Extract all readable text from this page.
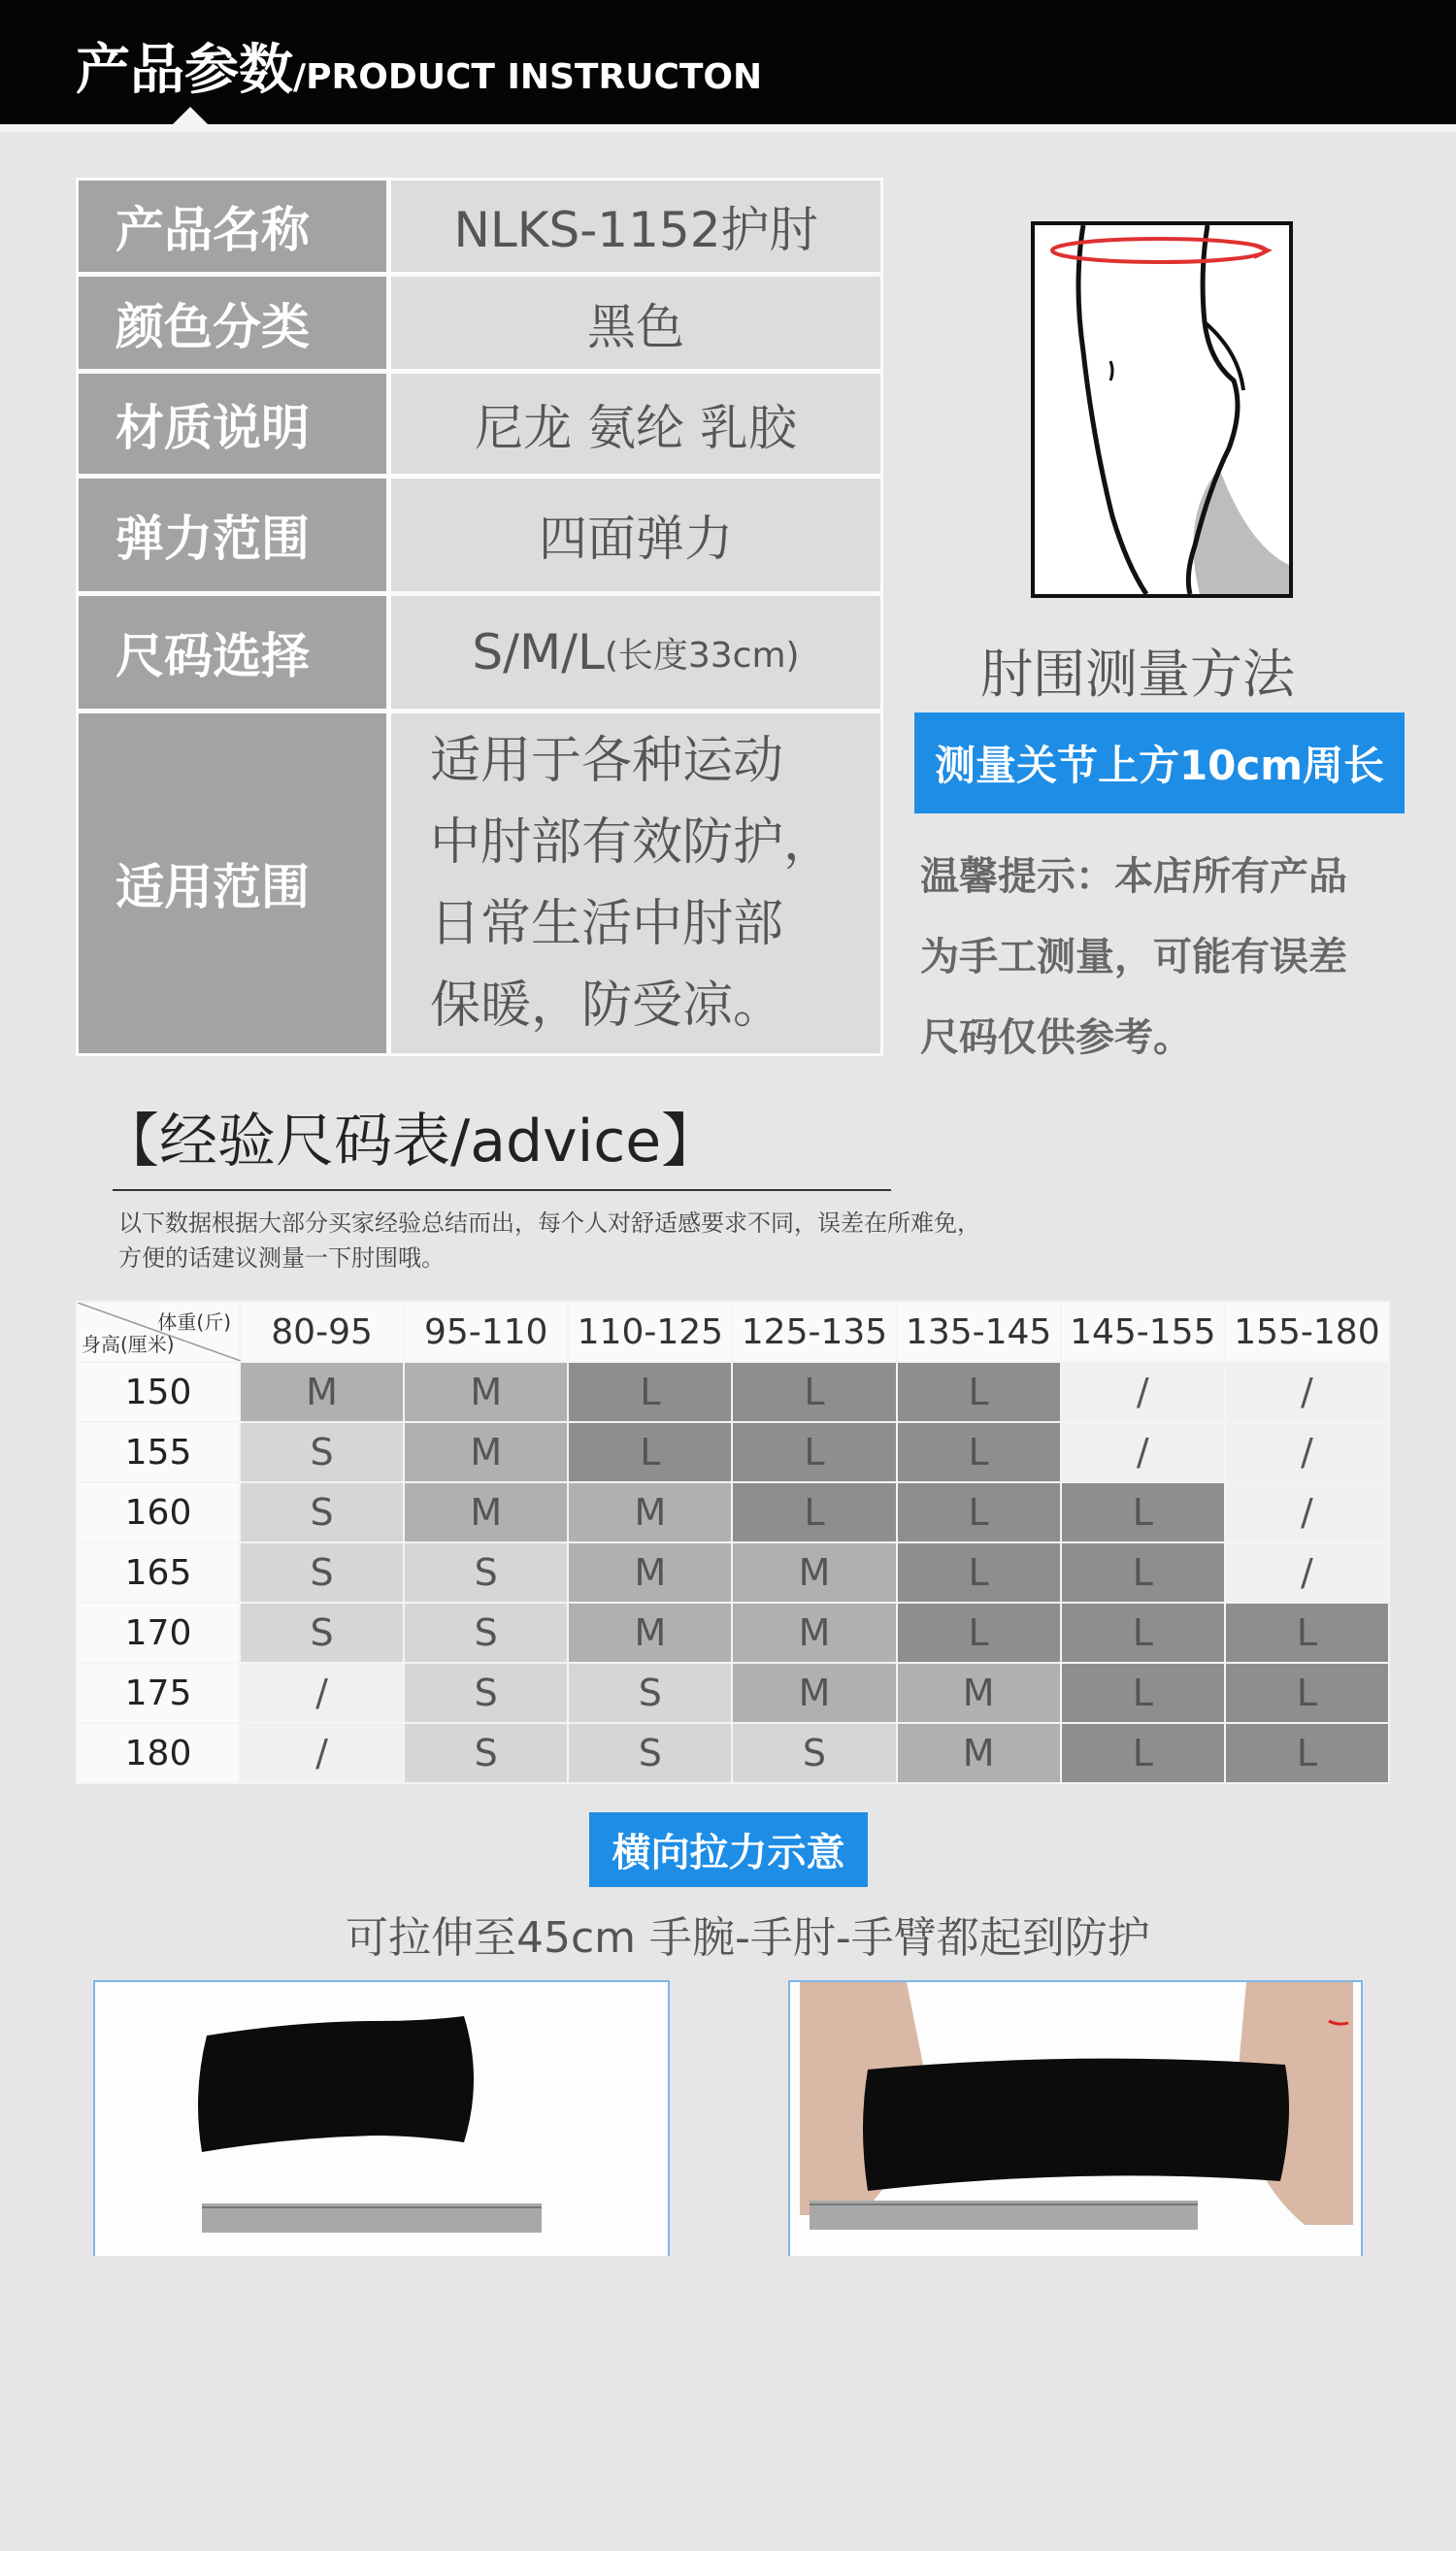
产品参数/PRODUCT INSTRUCTON
产品名称	NLKS-1152护肘
颜色分类	黑色
材质说明	尼龙 氨纶 乳胶
弹力范围	四面弹力
尺码选择	S/M/L (长度33cm)
适用范围
适用于各种运动
中肘部有效防护，
日常生活中肘部
保暖，防受凉。
肘围测量方法
测量关节上方10cm周长
温馨提示：本店所有产品
为手工测量，可能有误差
尺码仅供参考。
【经验尺码表/advice】
以下数据根据大部分买家经验总结而出，每个人对舒适感要求不同，误差在所难免，
方便的话建议测量一下肘围哦。
体重(斤)
身高(厘米)	80-95	95-110	110-125	125-135	135-145	145-155	155-180
150	M	M	L	L	L	/	/
155	S	M	L	L	L	/	/
160	S	M	M	L	L	L	/
165	S	S	M	M	L	L	/
170	S	S	M	M	L	L	L
175	/	S	S	M	M	L	L
180	/	S	S	S	M	L	L
横向拉力示意
可拉伸至45cm 手腕-手肘-手臂都起到防护
